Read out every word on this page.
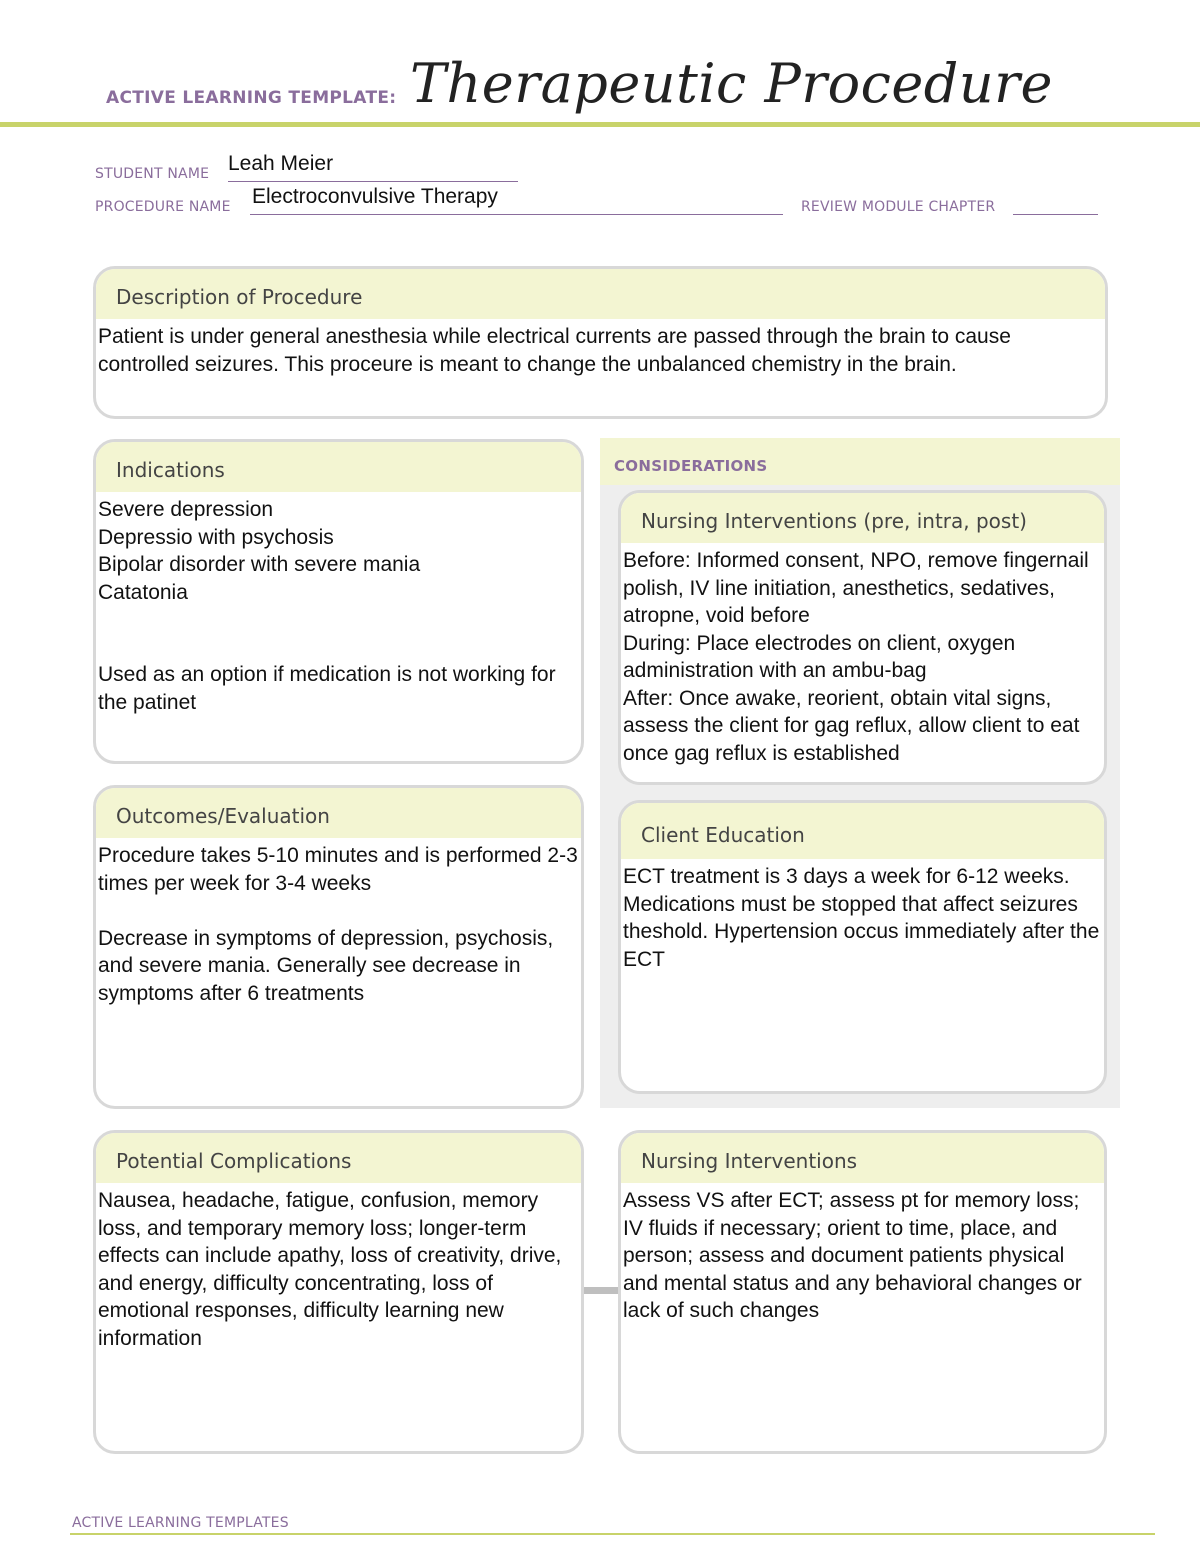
ACTIVE LEARNING TEMPLATE: Therapeutic Procedure
STUDENT NAME Leah Meier
PROCEDURE NAME Electroconvulsive Therapy	REVIEW MODULE CHAPTER
Description of Procedure
Patient is under general anesthesia while electrical currents are passed through the brain to cause controlled seizures. This proceure is meant to change the unbalanced chemistry in the brain.
CONSIDERATIONS
Indications
Severe depression
Depressio with psychosis
Bipolar disorder with severe mania
Catatonia

Used as an option if medication is not working for the patinet
Nursing Interventions (pre, intra, post)
Before: Informed consent, NPO, remove fingernail polish, IV line initiation, anesthetics, sedatives, atropne, void before
During: Place electrodes on client, oxygen administration with an ambu-bag
After: Once awake, reorient, obtain vital signs, assess the client for gag reflux, allow client to eat once gag reflux is established
Outcomes/Evaluation
Procedure takes 5-10 minutes and is performed 2-3 times per week for 3-4 weeks

Decrease in symptoms of depression, psychosis, and severe mania. Generally see decrease in symptoms after 6 treatments
Client Education
ECT treatment is 3 days a week for 6-12 weeks. Medications must be stopped that affect seizures theshold. Hypertension occus immediately after the ECT
Potential Complications
Nausea, headache, fatigue, confusion, memory loss, and temporary memory loss; longer-term effects can include apathy, loss of creativity, drive, and energy, difficulty concentrating, loss of emotional responses, difficulty learning new information
Nursing Interventions
Assess VS after ECT; assess pt for memory loss; IV fluids if necessary; orient to time, place, and person; assess and document patients physical and mental status and any behavioral changes or lack of such changes
ACTIVE LEARNING TEMPLATES
